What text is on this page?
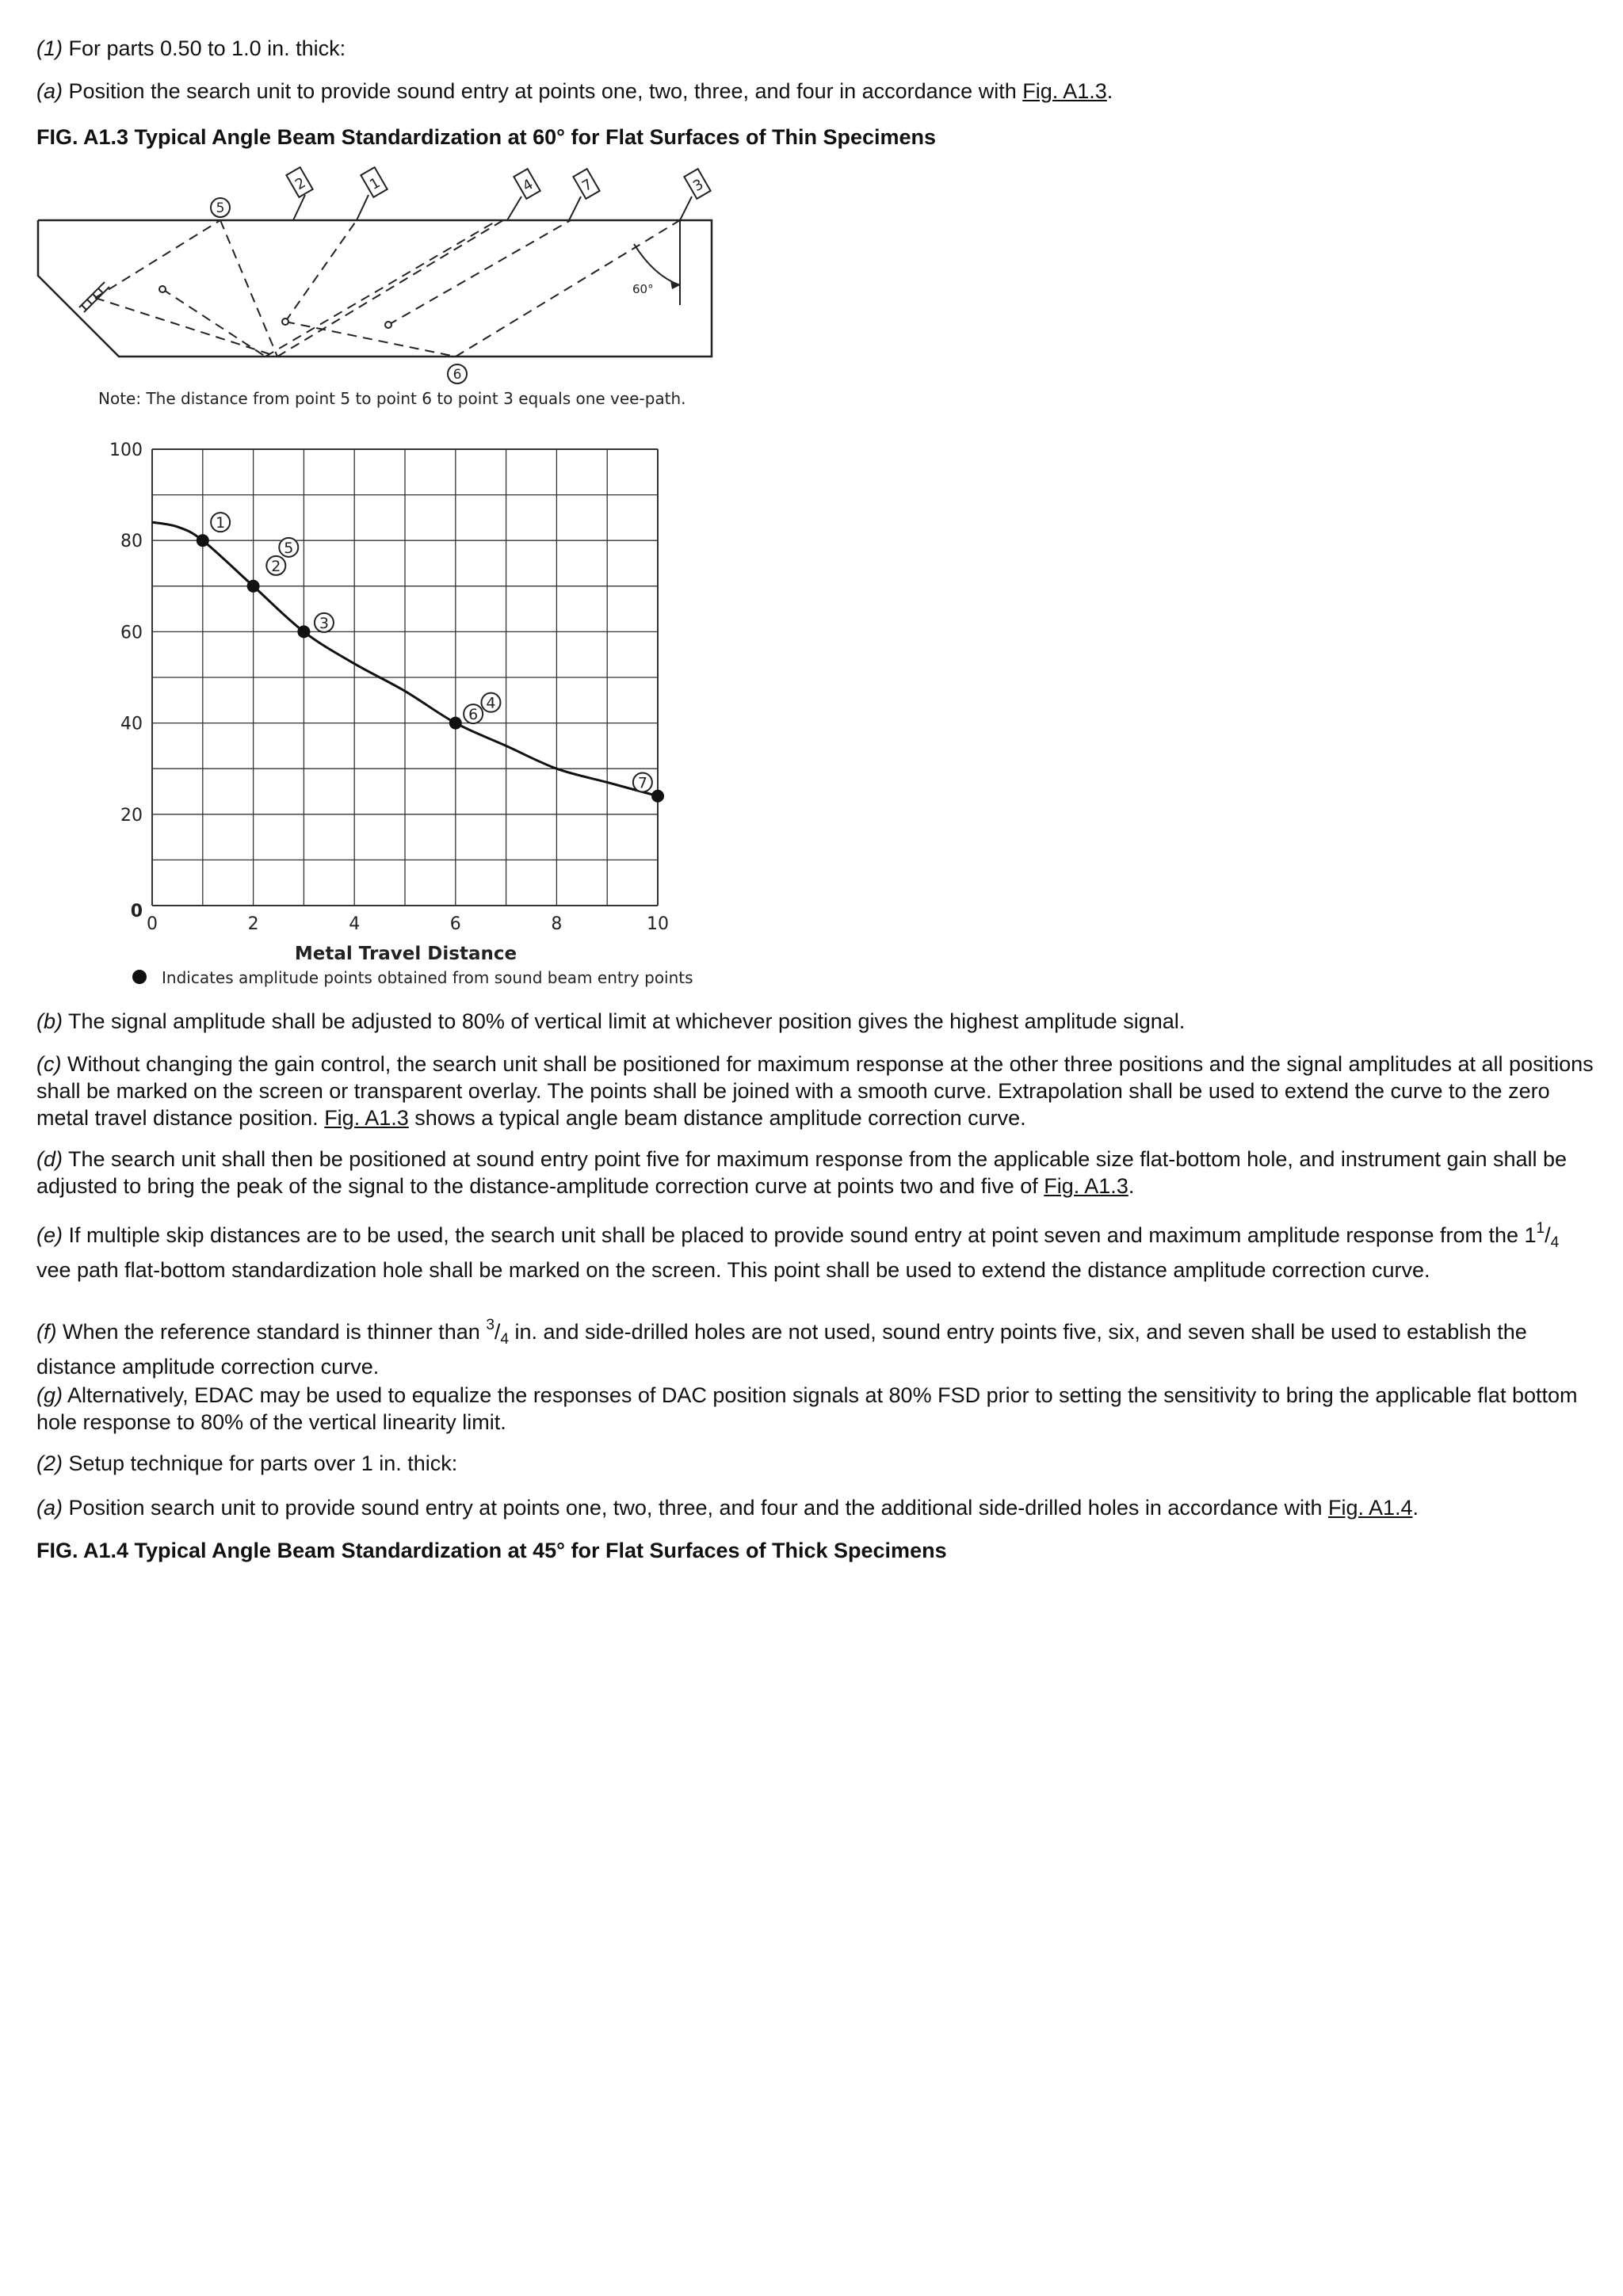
(1) For parts 0.50 to 1.0 in. thick:
(a) Position the search unit to provide sound entry at points one, two, three, and four in accordance with Fig. A1.3.
FIG. A1.3 Typical Angle Beam Standardization at 60° for Flat Surfaces of Thin Specimens
2	1	4	7	3
60°
5
6
Note: The distance from point 5 to point 6 to point 3 equals one vee-path.
0	2	4	6	8	10
0
20
40
60
80
100
Metal Travel Distance
1
5
2
3
4
6
7
Indicates amplitude points obtained from sound beam entry points
(b) The signal amplitude shall be adjusted to 80% of vertical limit at whichever position gives the highest amplitude signal.
(c) Without changing the gain control, the search unit shall be positioned for maximum response at the other three positions and the signal amplitudes at all positions shall be marked on the screen or transparent overlay. The points shall be joined with a smooth curve. Extrapolation shall be used to extend the curve to the zero metal travel distance position. Fig. A1.3 shows a typical angle beam distance amplitude correction curve.
(d) The search unit shall then be positioned at sound entry point five for maximum response from the applicable size flat-bottom hole, and instrument gain shall be adjusted to bring the peak of the signal to the distance-amplitude correction curve at points two and five of Fig. A1.3.
(e) If multiple skip distances are to be used, the search unit shall be placed to provide sound entry at point seven and maximum amplitude response from the $1^1/_4$ vee path flat-bottom standardization hole shall be marked on the screen. This point shall be used to extend the distance amplitude correction curve.
(f) When the reference standard is thinner than $^3/_4$ in. and side-drilled holes are not used, sound entry points five, six, and seven shall be used to establish the distance amplitude correction curve.
(g) Alternatively, EDAC may be used to equalize the responses of DAC position signals at 80% FSD prior to setting the sensitivity to bring the applicable flat bottom hole response to 80% of the vertical linearity limit.
(2) Setup technique for parts over 1 in. thick:
(a) Position search unit to provide sound entry at points one, two, three, and four and the additional side-drilled holes in accordance with Fig. A1.4.
FIG. A1.4 Typical Angle Beam Standardization at 45° for Flat Surfaces of Thick Specimens
